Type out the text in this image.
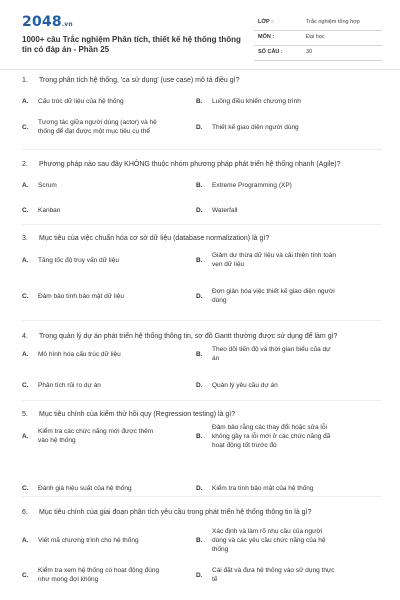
2048.vn
1000+ câu Trắc nghiệm Phân tích, thiết kế hệ thống thông tin có đáp án - Phần 25
LỚP :	Trắc nghiệm tổng hợp
MÔN :	Đại học
SỐ CÂU :	30
1. Trong phân tích hệ thống, 'ca sử dụng' (use case) mô tả điều gì?
A. Cấu trúc dữ liệu của hệ thống	B. Luồng điều khiển chương trình
C.
Tương tác giữa người dùng (actor) và hệ
thống để đạt được một mục tiêu cụ thể
D. Thiết kế giao diện người dùng
2. Phương pháp nào sau đây KHÔNG thuộc nhóm phương pháp phát triển hệ thống nhanh (Agile)?
A. Scrum	B. Extreme Programming (XP)
C. Kanban	D. Waterfall
3. Mục tiêu của việc chuẩn hóa cơ sở dữ liệu (database normalization) là gì?
A. Tăng tốc độ truy vấn dữ liệu	B.
Giảm dư thừa dữ liệu và cải thiện tính toàn
vẹn dữ liệu
C. Đảm bảo tính bảo mật dữ liệu	D.
Đơn giản hóa việc thiết kế giao diện người
dùng
4. Trong quản lý dự án phát triển hệ thống thông tin, sơ đồ Gantt thường được sử dụng để làm gì?
A. Mô hình hóa cấu trúc dữ liệu	B.
Theo dõi tiến độ và thời gian biểu của dự
án
C. Phân tích rủi ro dự án	D. Quản lý yêu cầu dự án
5. Mục tiêu chính của kiểm thử hồi quy (Regression testing) là gì?
A.
Kiểm tra các chức năng mới được thêm
vào hệ thống
B.
Đảm bảo rằng các thay đổi hoặc sửa lỗi
không gây ra lỗi mới ở các chức năng đã
hoạt động tốt trước đó
C. Đánh giá hiệu suất của hệ thống	D. Kiểm tra tính bảo mật của hệ thống
6. Mục tiêu chính của giai đoạn phân tích yêu cầu trong phát triển hệ thống thông tin là gì?
A. Viết mã chương trình cho hệ thống	B.
Xác định và làm rõ nhu cầu của người
dùng và các yêu cầu chức năng của hệ
thống
C.
Kiểm tra xem hệ thống có hoạt động đúng
như mong đợi không
D.
Cài đặt và đưa hệ thống vào sử dụng thực
tế
